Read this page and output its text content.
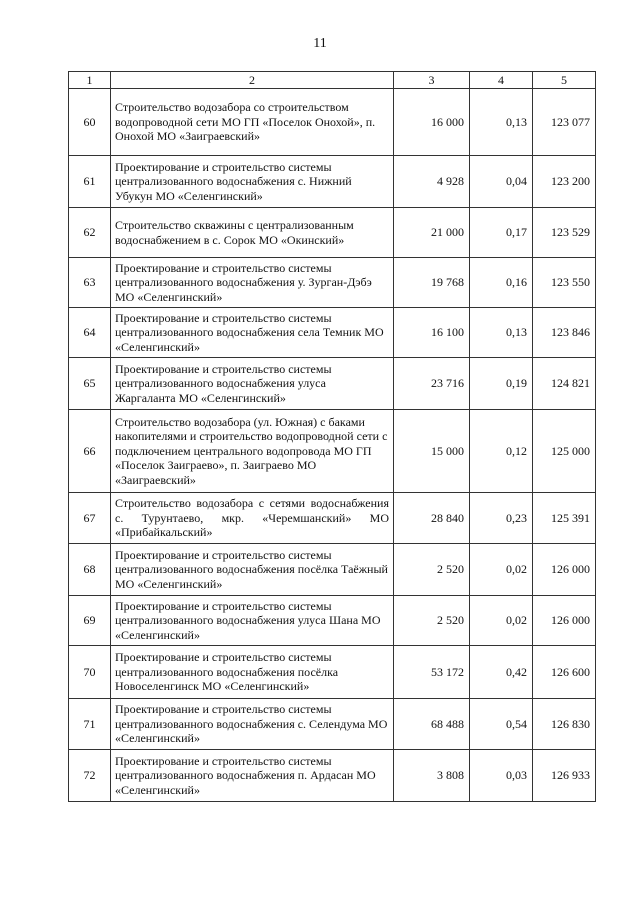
11
1	2	3	4	5
60	Строительство водозабора со строительством водопроводной сети МО ГП «Поселок Онохой», п. Онохой МО «Заиграевский»	16 000	0,13	123 077
61	Проектирование и строительство системы централизованного водоснабжения с. Нижний Убукун МО «Селенгинский»	4 928	0,04	123 200
62	Строительство скважины с централизованным водоснабжением в с. Сорок МО «Окинский»	21 000	0,17	123 529
63	Проектирование и строительство системы централизованного водоснабжения у. Зурган-Дэбэ МО «Селенгинский»	19 768	0,16	123 550
64	Проектирование и строительство системы централизованного водоснабжения села Темник МО «Селенгинский»	16 100	0,13	123 846
65	Проектирование и строительство системы централизованного водоснабжения улуса Жаргаланта МО «Селенгинский»	23 716	0,19	124 821
66	Строительство водозабора (ул. Южная) с баками накопителями и строительство водопроводной сети с подключением центрального водопровода МО ГП «Поселок Заиграево», п. Заиграево МО «Заиграевский»	15 000	0,12	125 000
67	Строительство водозабора с сетями водоснабжения с. Турунтаево, мкр. «Черемшанский» МО «Прибайкальский»	28 840	0,23	125 391
68	Проектирование и строительство системы централизованного водоснабжения посёлка Таёжный МО «Селенгинский»	2 520	0,02	126 000
69	Проектирование и строительство системы централизованного водоснабжения улуса Шана МО «Селенгинский»	2 520	0,02	126 000
70	Проектирование и строительство системы централизованного водоснабжения посёлка Новоселенгинск МО «Селенгинский»	53 172	0,42	126 600
71	Проектирование и строительство системы централизованного водоснабжения с. Селендума МО «Селенгинский»	68 488	0,54	126 830
72	Проектирование и строительство системы централизованного водоснабжения п. Ардасан МО «Селенгинский»	3 808	0,03	126 933
